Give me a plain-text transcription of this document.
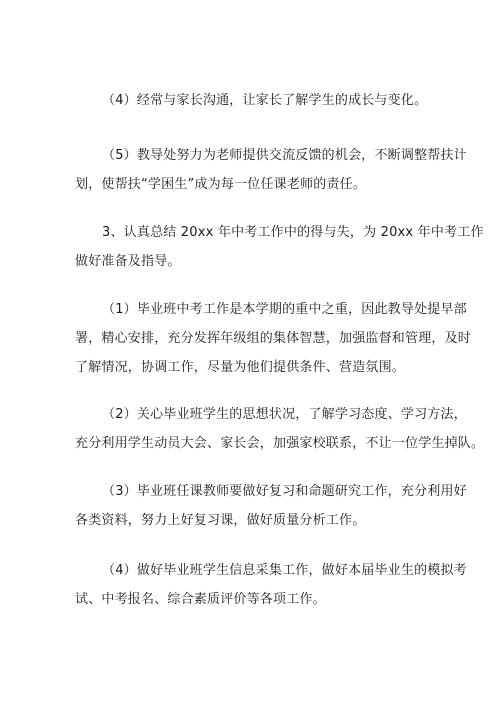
（4）经常与家长沟通，让家长了解学生的成长与变化。
（5）教导处努力为老师提供交流反馈的机会，不断调整帮扶计
划，使帮扶“学困生”成为每一位任课老师的责任。
3、认真总结 20xx 年中考工作中的得与失，为 20xx 年中考工作
做好准备及指导。
（1）毕业班中考工作是本学期的重中之重，因此教导处提早部
署，精心安排，充分发挥年级组的集体智慧，加强监督和管理，及时
了解情况，协调工作，尽量为他们提供条件、营造氛围。
（2）关心毕业班学生的思想状况，了解学习态度、学习方法，
充分利用学生动员大会、家长会，加强家校联系，不让一位学生掉队。
（3）毕业班任课教师要做好复习和命题研究工作，充分利用好
各类资料，努力上好复习课，做好质量分析工作。
（4）做好毕业班学生信息采集工作，做好本届毕业生的模拟考
试、中考报名、综合素质评价等各项工作。
